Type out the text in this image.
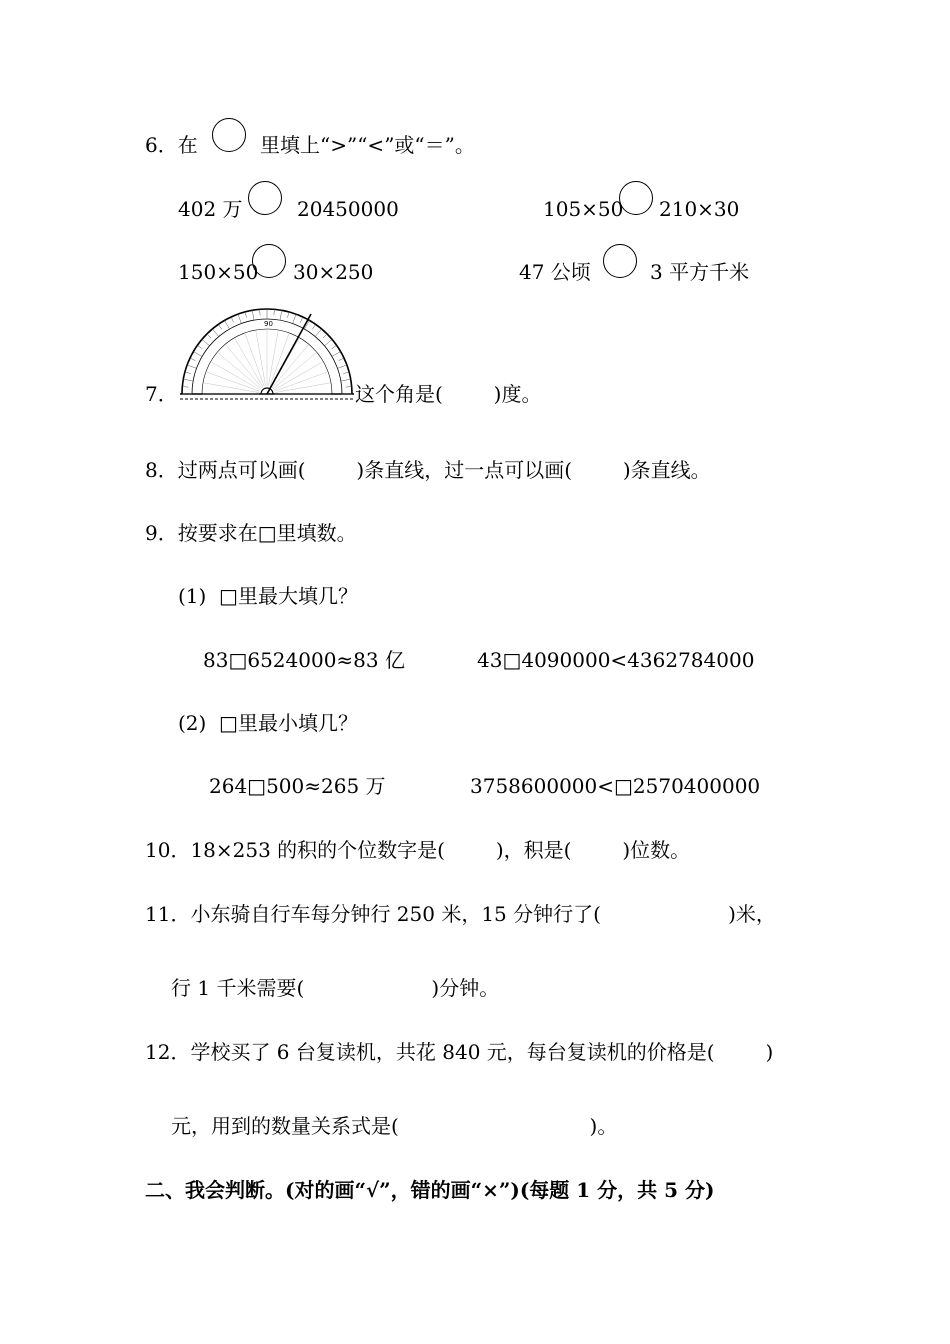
6．在	里填上“>”“<”或“＝”。
402 万	20450000	105×50 210×30
150×50 30×250	47 公顷	3 平方千米
7．
90
这个角是(        )度。
8．过两点可以画(        )条直线，过一点可以画(        )条直线。
9．按要求在□里填数。
(1)  □里最大填几？
83□6524000≈83 亿	43□4090000<4362784000
(2)  □里最小填几？
264□500≈265 万	3758600000<□2570400000
10．18×253 的积的个位数字是(        )，积是(        )位数。
11．小东骑自行车每分钟行 250 米，15 分钟行了(                    )米，
行 1 千米需要(                    )分钟。
12．学校买了 6 台复读机，共花 840 元，每台复读机的价格是(        )
元，用到的数量关系式是(                              )。
二、我会判断。(对的画“√”，错的画“×”)(每题 1 分，共 5 分)
